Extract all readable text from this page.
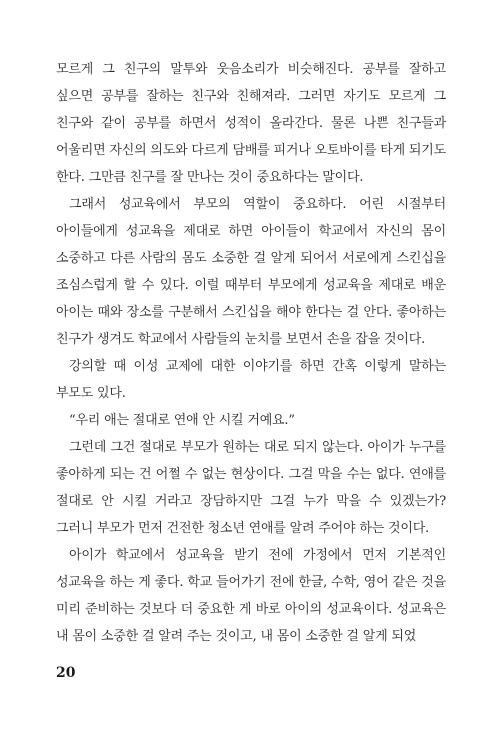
모르게 그 친구의 말투와 웃음소리가 비슷해진다. 공부를 잘하고 싶으면 공부를 잘하는 친구와 친해져라. 그러면 자기도 모르게 그 친구와 같이 공부를 하면서 성적이 올라간다. 물론 나쁜 친구들과 어울리면 자신의 의도와 다르게 담배를 피거나 오토바이를 타게 되기도 한다. 그만큼 친구를 잘 만나는 것이 중요하다는 말이다.

그래서 성교육에서 부모의 역할이 중요하다. 어린 시절부터 아이들에게 성교육을 제대로 하면 아이들이 학교에서 자신의 몸이 소중하고 다른 사람의 몸도 소중한 걸 알게 되어서 서로에게 스킨십을 조심스럽게 할 수 있다. 이럴 때부터 부모에게 성교육을 제대로 배운 아이는 때와 장소를 구분해서 스킨십을 해야 한다는 걸 안다. 좋아하는 친구가 생겨도 학교에서 사람들의 눈치를 보면서 손을 잡을 것이다.

강의할 때 이성 교제에 대한 이야기를 하면 간혹 이렇게 말하는 부모도 있다.

“우리 애는 절대로 연애 안 시킬 거예요.”

그런데 그건 절대로 부모가 원하는 대로 되지 않는다. 아이가 누구를 좋아하게 되는 건 어쩔 수 없는 현상이다. 그걸 막을 수는 없다. 연애를 절대로 안 시킬 거라고 장담하지만 그걸 누가 막을 수 있겠는가? 그러니 부모가 먼저 건전한 청소년 연애를 알려 주어야 하는 것이다.

아이가 학교에서 성교육을 받기 전에 가정에서 먼저 기본적인 성교육을 하는 게 좋다. 학교 들어가기 전에 한글, 수학, 영어 같은 것을 미리 준비하는 것보다 더 중요한 게 바로 아이의 성교육이다. 성교육은 내 몸이 소중한 걸 알려 주는 것이고, 내 몸이 소중한 걸 알게 되었

20
